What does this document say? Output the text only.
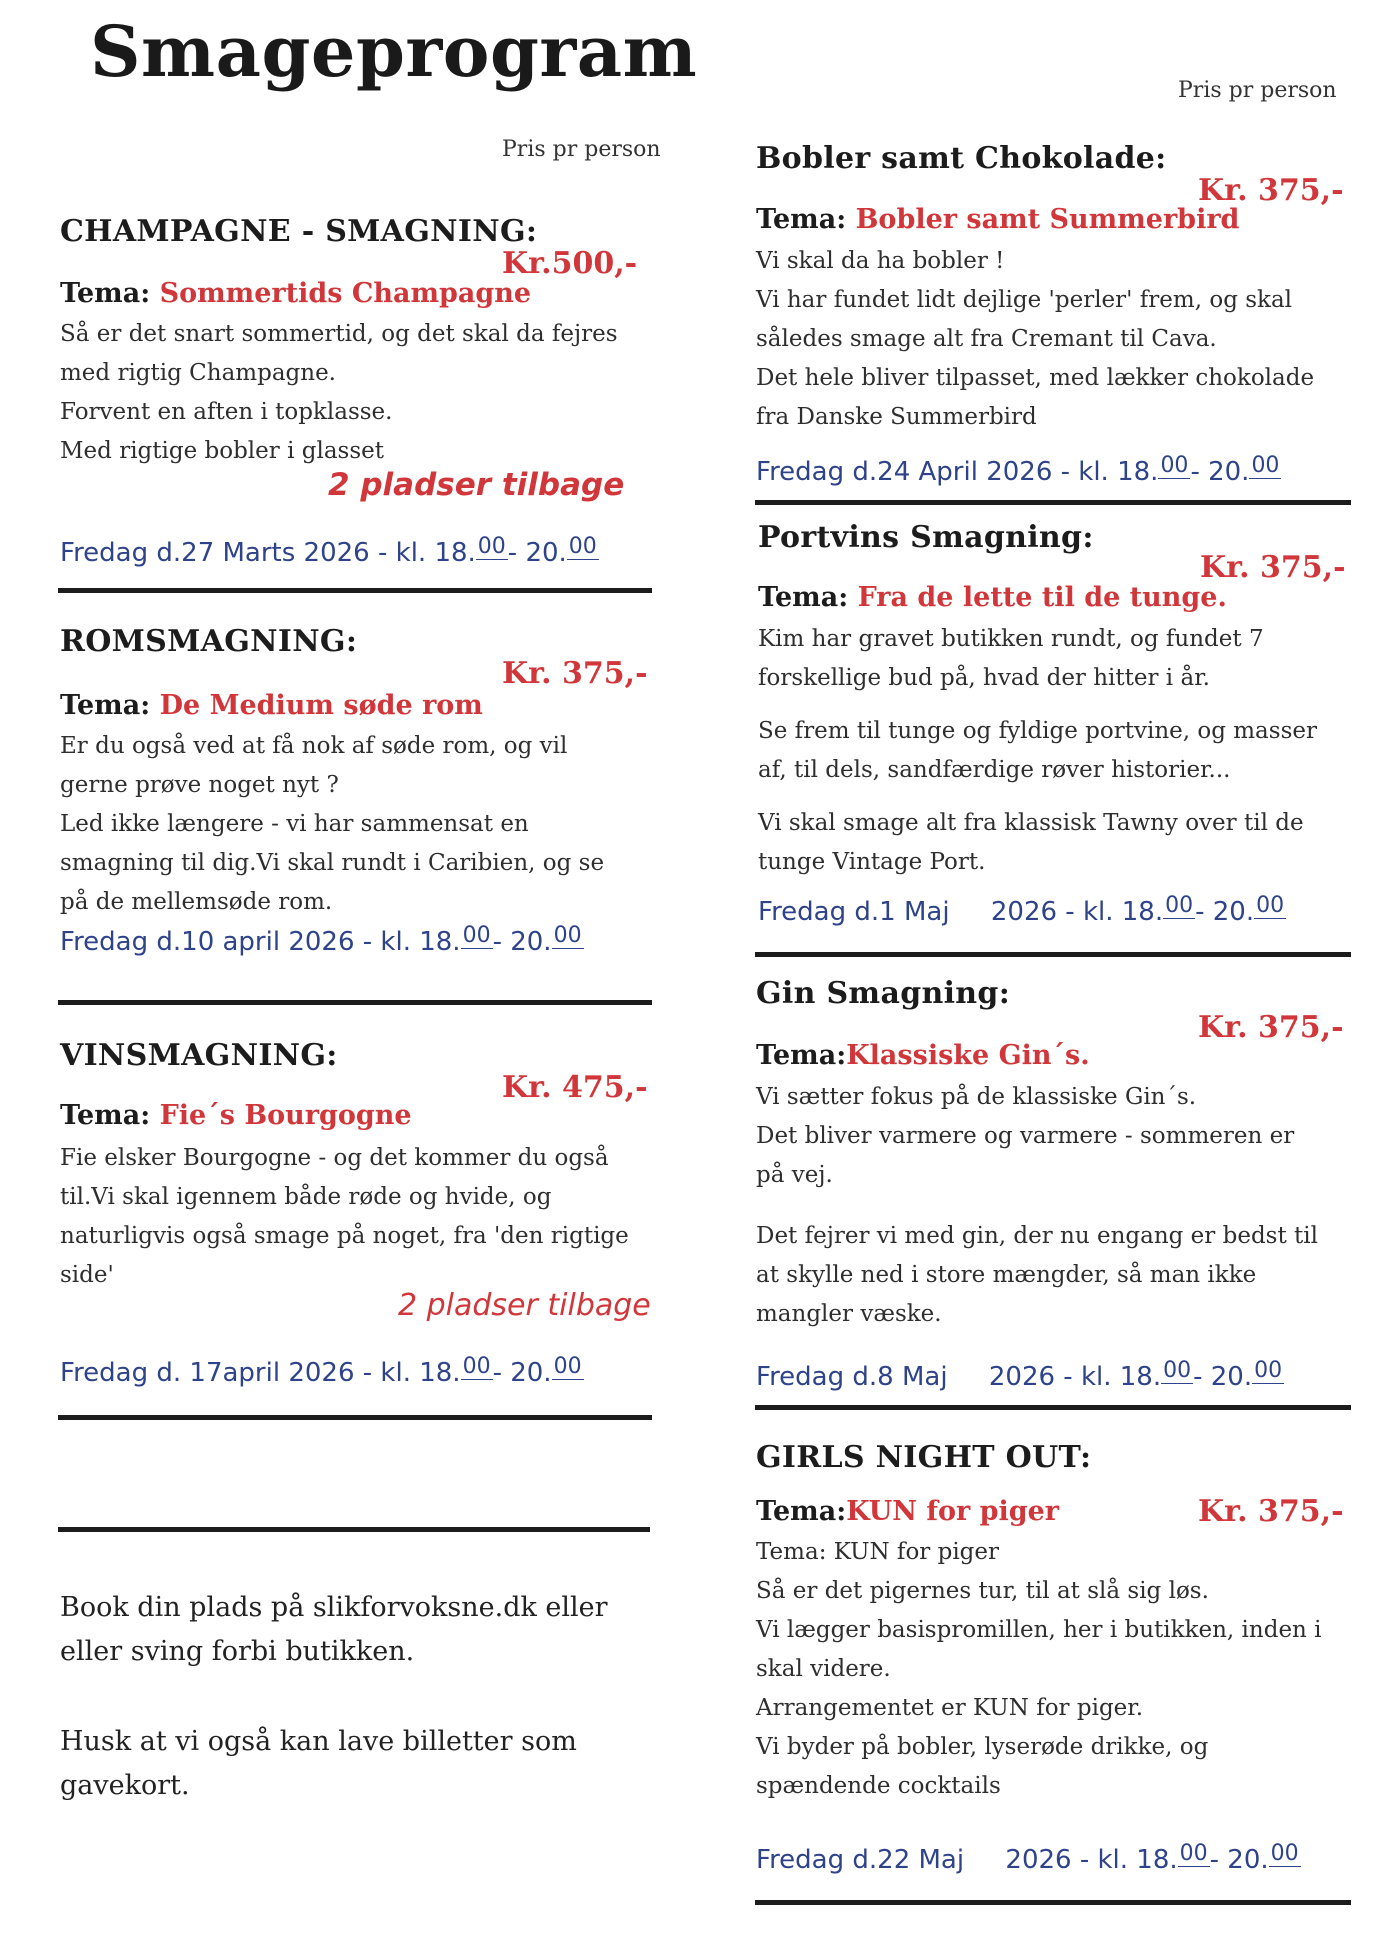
Smageprogram	Pris pr person
Pris pr person
CHAMPAGNE - SMAGNING:
Kr.500,-
Tema: Sommertids Champagne

Så er det snart sommertid, og det skal da fejres

med rigtig Champagne.

Forvent en aften i topklasse.

Med rigtige bobler i glasset

2 pladser tilbage
Fredag d.27 Marts 2026 - kl. 18.00- 20.00
ROMSMAGNING:
Kr. 375,-
Tema: De Medium søde rom

Er du også ved at få nok af søde rom, og vil

gerne prøve noget nyt ?

Led ikke længere - vi har sammensat en

smagning til dig.Vi skal rundt i Caribien, og se

på de mellemsøde rom.

Fredag d.10 april 2026 - kl. 18.00- 20.00
VINSMAGNING:
Kr. 475,-
Tema: Fie´s Bourgogne

Fie elsker Bourgogne - og det kommer du også

til.Vi skal igennem både røde og hvide, og

naturligvis også smage på noget, fra 'den rigtige

side'

2 pladser tilbage
Fredag d. 17april 2026 - kl. 18.00- 20.00

Book din plads på slikforvoksne.dk eller

eller sving forbi butikken.

Husk at vi også kan lave billetter som

gavekort.

Bobler samt Chokolade:
Kr. 375,-
Tema: Bobler samt Summerbird

Vi skal da ha bobler !

Vi har fundet lidt dejlige 'perler' frem, og skal

således smage alt fra Cremant til Cava.

Det hele bliver tilpasset, med lækker chokolade

fra Danske Summerbird

Fredag d.24 April 2026 - kl. 18.00- 20.00
Portvins Smagning:
Kr. 375,-
Tema: Fra de lette til de tunge.

Kim har gravet butikken rundt, og fundet 7

forskellige bud på, hvad der hitter i år.

Se frem til tunge og fyldige portvine, og masser

af, til dels, sandfærdige røver historier...

Vi skal smage alt fra klassisk Tawny over til de

tunge Vintage Port.

Fredag d.1 Maj     2026 - kl. 18.00- 20.00
Gin Smagning:
Kr. 375,-
Tema:Klassiske Gin´s.

Vi sætter fokus på de klassiske Gin´s.

Det bliver varmere og varmere - sommeren er

på vej.

Det fejrer vi med gin, der nu engang er bedst til

at skylle ned i store mængder, så man ikke

mangler væske.

Fredag d.8 Maj     2026 - kl. 18.00- 20.00
GIRLS NIGHT OUT:
Kr. 375,-
Tema:KUN for piger

Tema: KUN for piger

Så er det pigernes tur, til at slå sig løs.

Vi lægger basispromillen, her i butikken, inden i

skal videre.

Arrangementet er KUN for piger.

Vi byder på bobler, lyserøde drikke, og

spændende cocktails

Fredag d.22 Maj     2026 - kl. 18.00- 20.00
